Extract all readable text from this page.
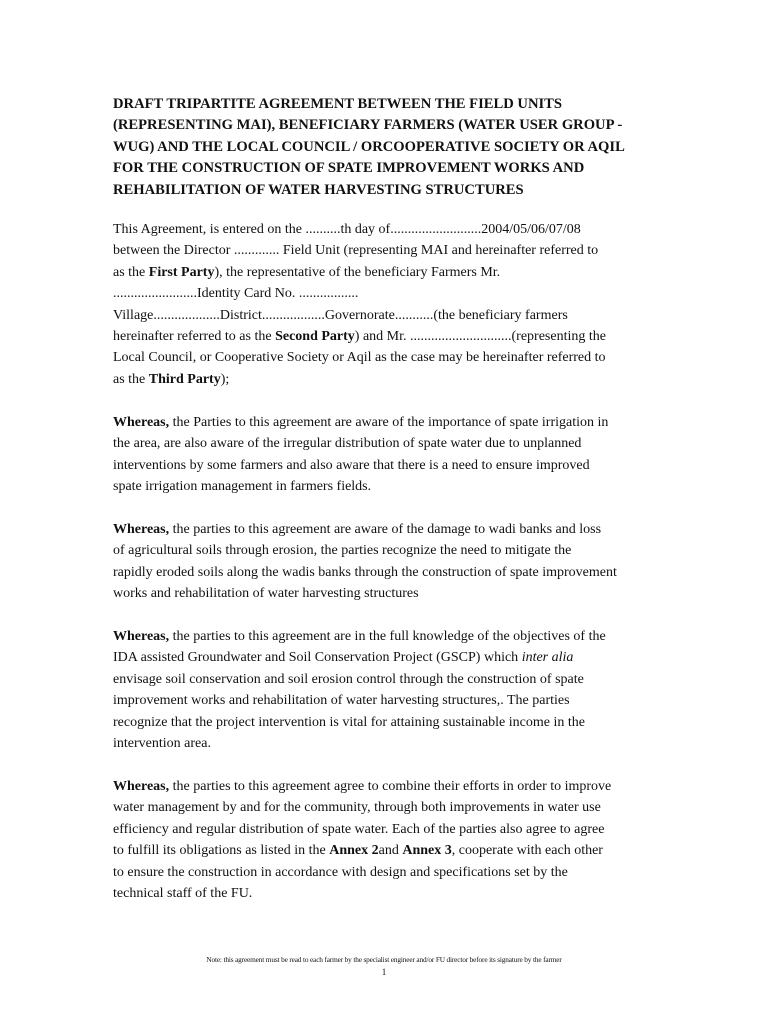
DRAFT TRIPARTITE AGREEMENT BETWEEN THE FIELD UNITS
(REPRESENTING MAI), BENEFICIARY FARMERS (WATER USER GROUP -
WUG) AND THE LOCAL COUNCIL / ORCOOPERATIVE SOCIETY OR AQIL
FOR THE CONSTRUCTION OF SPATE IMPROVEMENT WORKS AND
REHABILITATION OF WATER HARVESTING STRUCTURES
This Agreement, is entered on the ..........th day of..........................2004/05/06/07/08
between the Director ............. Field Unit (representing MAI and hereinafter referred to
as the First Party), the representative of the beneficiary Farmers Mr.
........................Identity Card No. .................
Village...................District..................Governorate...........(the beneficiary farmers
hereinafter referred to as the Second Party) and Mr. .............................(representing the
Local Council, or Cooperative Society or Aqil as the case may be hereinafter referred to
as the Third Party);
Whereas, the Parties to this agreement are aware of the importance of spate irrigation in
the area, are also aware of the irregular distribution of spate water due to unplanned
interventions by some farmers and also aware that there is a need to ensure improved
spate irrigation management in farmers fields.
Whereas, the parties to this agreement are aware of the damage to wadi banks and loss
of agricultural soils through erosion, the parties recognize the need to mitigate the
rapidly eroded soils along the wadis banks through the construction of spate improvement
works and rehabilitation of water harvesting structures
Whereas, the parties to this agreement are in the full knowledge of the objectives of the
IDA assisted Groundwater and Soil Conservation Project (GSCP) which inter alia
envisage soil conservation and soil erosion control through the construction of spate
improvement works and rehabilitation of water harvesting structures,. The parties
recognize that the project intervention is vital for attaining sustainable income in the
intervention area.
Whereas, the parties to this agreement agree to combine their efforts in order to improve
water management by and for the community, through both improvements in water use
efficiency and regular distribution of spate water. Each of the parties also agree to agree
to fulfill its obligations as listed in the Annex 2and Annex 3, cooperate with each other
to ensure the construction in accordance with design and specifications set by the
technical staff of the FU.
Note: this agreement must be read to each farmer by the specialist engineer and/or FU director before its signature by the farmer
1
